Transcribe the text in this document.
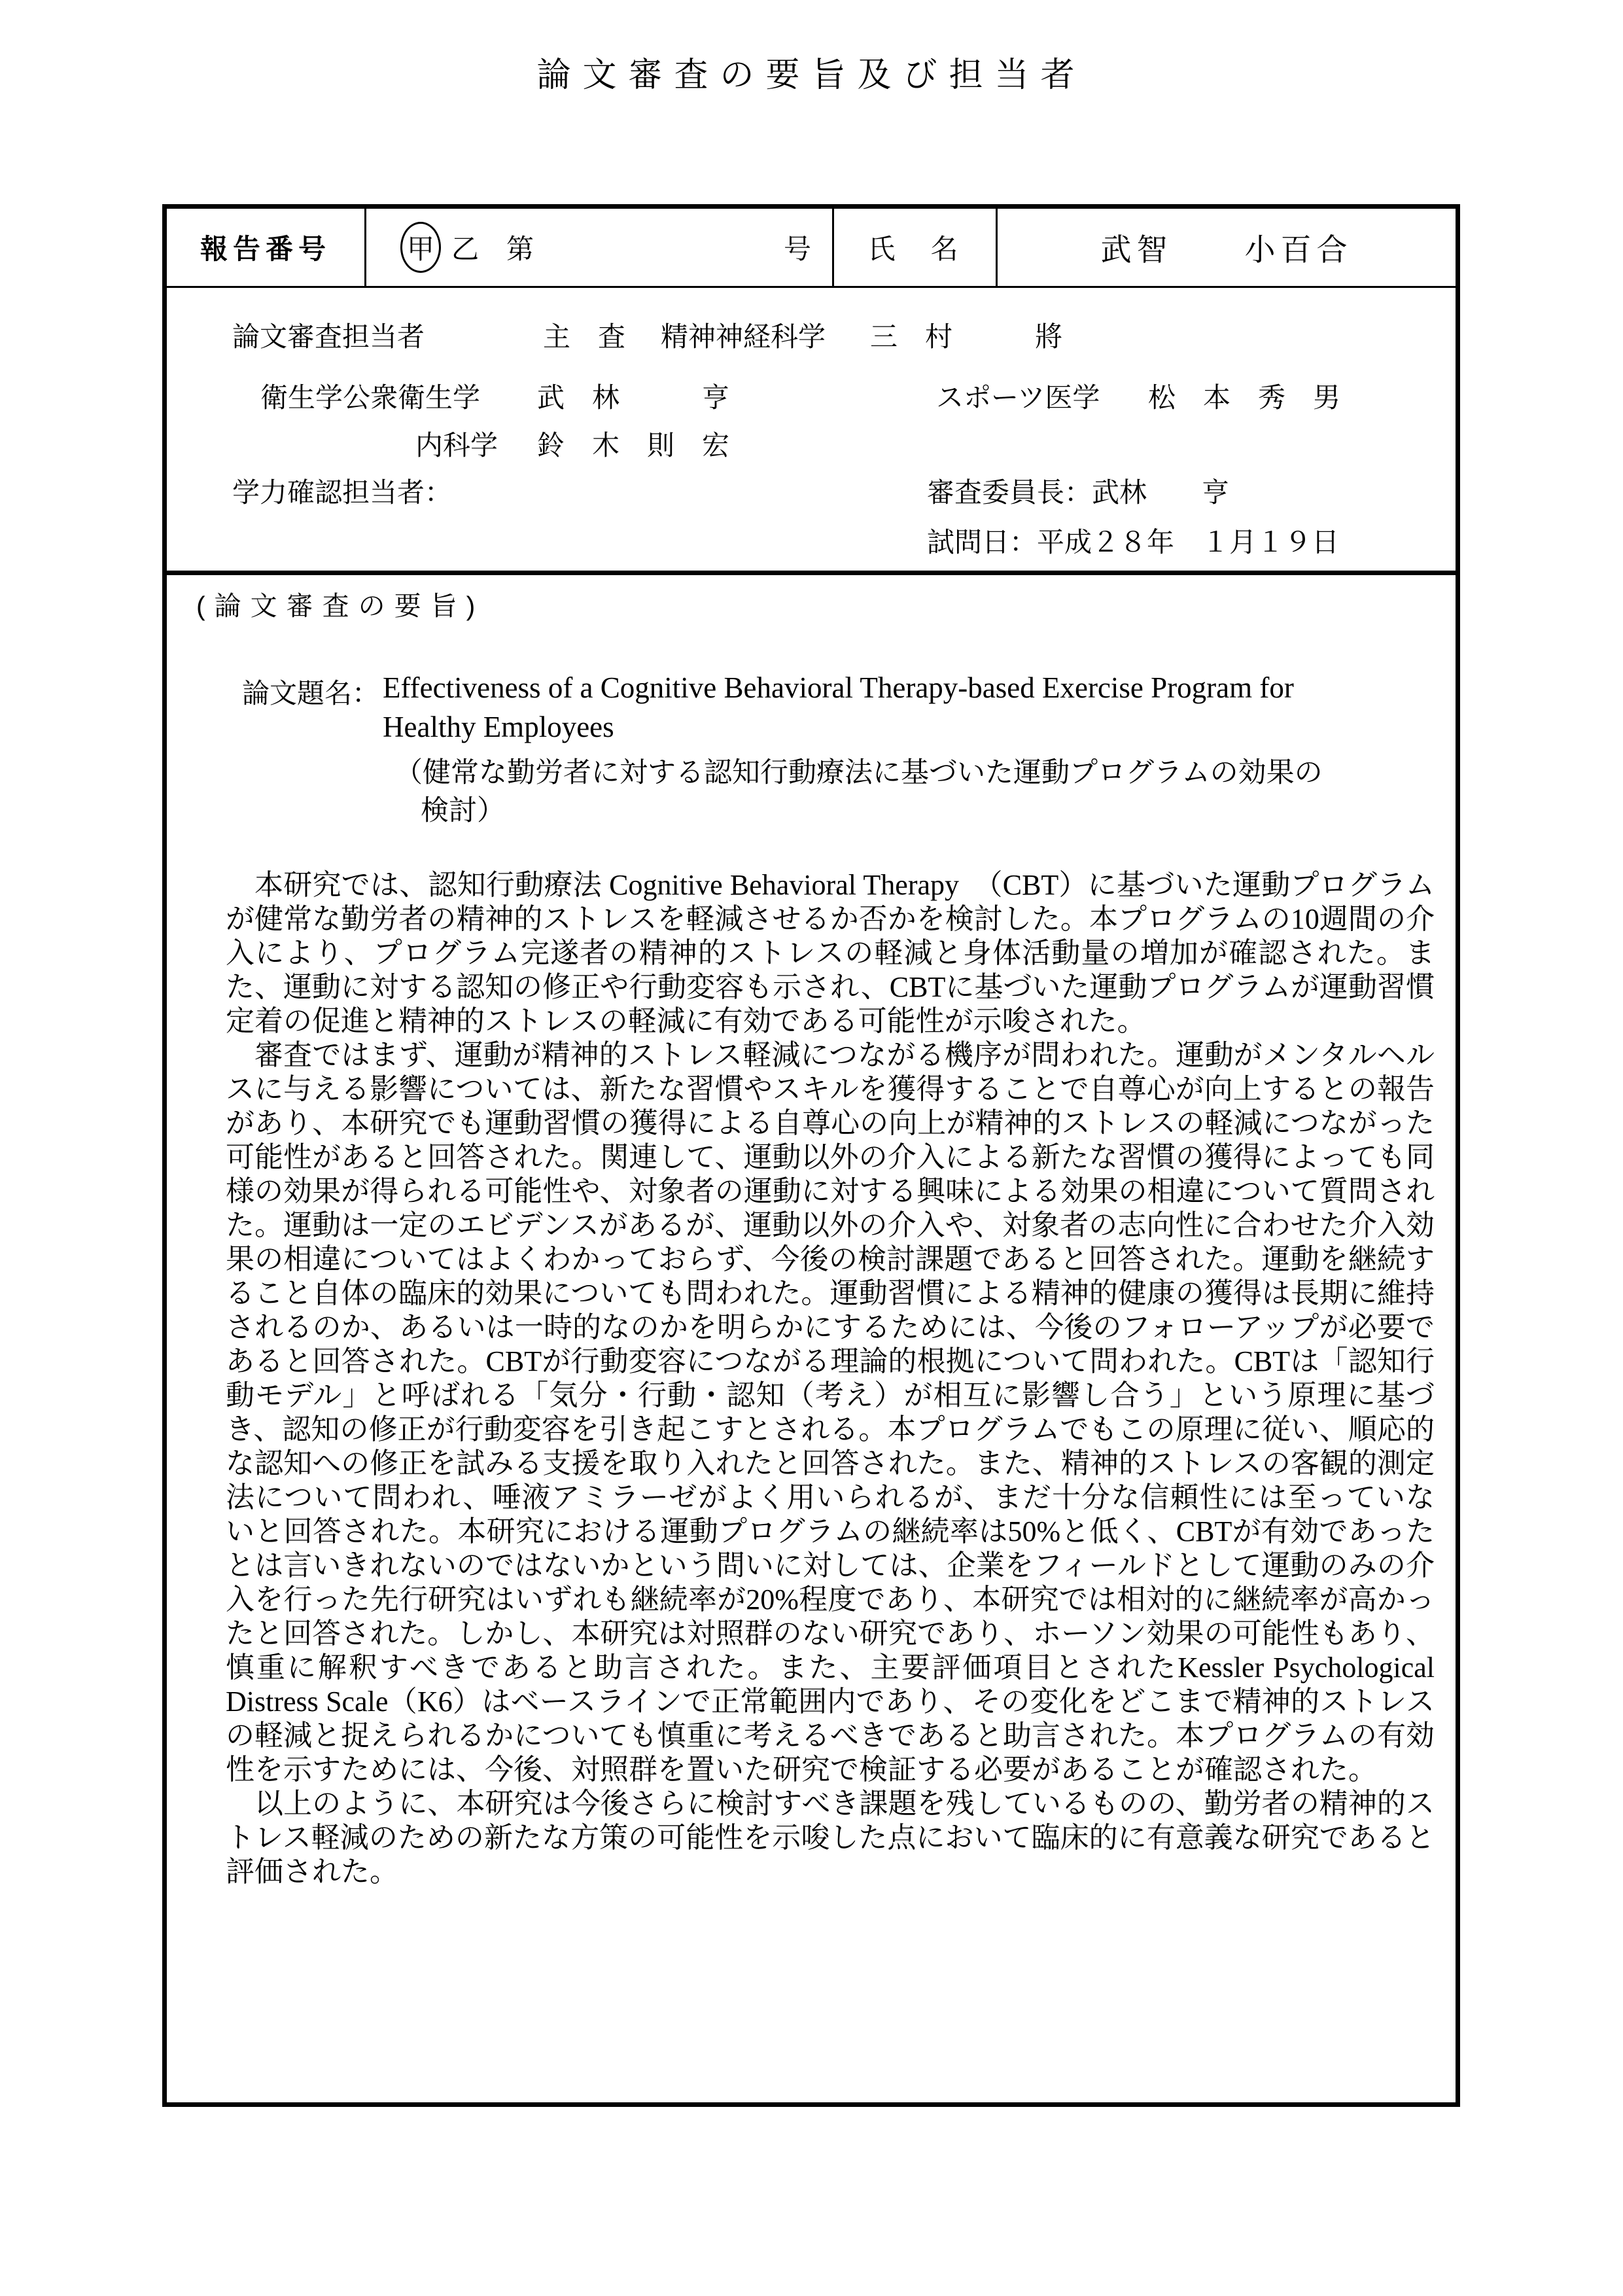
論文審査の要旨及び担当者
報告番号	甲 乙　第	号	氏　名	武智　　小百合
論文審査担当者	主　査 精神神経科学 三　村　　　將
衛生学公衆衛生学 武　林　　　亨	スポーツ医学 松　本　秀　男
内科学 鈴　木　則　宏
学力確認担当者：	審査委員長：武林　　亨
試問日：平成２８年　１月１９日
(論文審査の要旨)
論文題名： Effectiveness of a Cognitive Behavioral Therapy-based Exercise Program for
Healthy Employees
（健常な勤労者に対する認知行動療法に基づいた運動プログラムの効果の
検討）

本研究では、認知行動療法 Cognitive Behavioral Therapy　（CBT）に基づいた運動プログラムが健常な勤労者の精神的ストレスを軽減させるか否かを検討した。本プログラムの10週間の介入により、プログラム完遂者の精神的ストレスの軽減と身体活動量の増加が確認された。また、運動に対する認知の修正や行動変容も示され、CBTに基づいた運動プログラムが運動習慣定着の促進と精神的ストレスの軽減に有効である可能性が示唆された。

審査ではまず、運動が精神的ストレス軽減につながる機序が問われた。運動がメンタルヘルスに与える影響については、新たな習慣やスキルを獲得することで自尊心が向上するとの報告があり、本研究でも運動習慣の獲得による自尊心の向上が精神的ストレスの軽減につながった可能性があると回答された。関連して、運動以外の介入による新たな習慣の獲得によっても同様の効果が得られる可能性や、対象者の運動に対する興味による効果の相違について質問された。運動は一定のエビデンスがあるが、運動以外の介入や、対象者の志向性に合わせた介入効果の相違についてはよくわかっておらず、今後の検討課題であると回答された。運動を継続すること自体の臨床的効果についても問われた。運動習慣による精神的健康の獲得は長期に維持されるのか、あるいは一時的なのかを明らかにするためには、今後のフォローアップが必要であると回答された。CBTが行動変容につながる理論的根拠について問われた。CBTは「認知行動モデル」と呼ばれる「気分・行動・認知（考え）が相互に影響し合う」という原理に基づき、認知の修正が行動変容を引き起こすとされる。本プログラムでもこの原理に従い、順応的な認知への修正を試みる支援を取り入れたと回答された。また、精神的ストレスの客観的測定法について問われ、唾液アミラーゼがよく用いられるが、まだ十分な信頼性には至っていないと回答された。本研究における運動プログラムの継続率は50%と低く、CBTが有効であったとは言いきれないのではないかという問いに対しては、企業をフィールドとして運動のみの介入を行った先行研究はいずれも継続率が20%程度であり、本研究では相対的に継続率が高かったと回答された。しかし、本研究は対照群のない研究であり、ホーソン効果の可能性もあり、慎重に解釈すべきであると助言された。また、主要評価項目とされたKessler Psychological Distress Scale（K6）はベースラインで正常範囲内であり、その変化をどこまで精神的ストレスの軽減と捉えられるかについても慎重に考えるべきであると助言された。本プログラムの有効性を示すためには、今後、対照群を置いた研究で検証する必要があることが確認された。

以上のように、本研究は今後さらに検討すべき課題を残しているものの、勤労者の精神的ストレス軽減のための新たな方策の可能性を示唆した点において臨床的に有意義な研究であると評価された。
